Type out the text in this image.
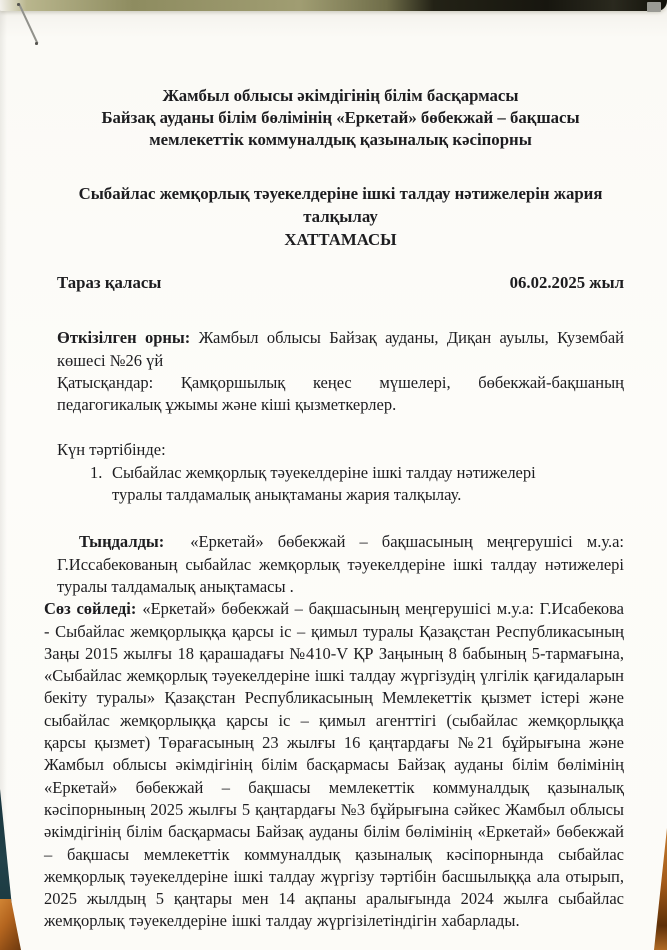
Жамбыл облысы әкімдігінің білім басқармасы
Байзақ ауданы білім бөлімінің «Еркетай» бөбекжай – бақшасы
мемлекеттік коммуналдық қазыналық кәсіпорны
Сыбайлас жемқорлық тәуекелдеріне ішкі талдау нәтижелерін жария талқылау
ХАТТАМАСЫ
Тараз қаласы	06.02.2025 жыл

Өткізілген орны: Жамбыл облысы Байзақ ауданы, Диқан ауылы, Кузембай көшесі №26 үй

Қатысқандар: Қамқоршылық кеңес мүшелері, бөбекжай-бақшаның педагогикалық ұжымы және кіші қызметкерлер.

Күн тәртібінде:
1. Сыбайлас жемқорлық тәуекелдеріне ішкі талдау нәтижелері туралы талдамалық анықтаманы жария талқылау.

Тыңдалды: «Еркетай» бөбекжай – бақшасының меңгерушісі м.у.а: Г.Иссабекованың сыбайлас жемқорлық тәуекелдеріне ішкі талдау нәтижелері туралы талдамалық анықтамасы .

Сөз сөйледі: «Еркетай» бөбекжай – бақшасының меңгерушісі м.у.а: Г.Исабекова - Сыбайлас жемқорлыққа қарсы іс – қимыл туралы Қазақстан Республикасының Заңы 2015 жылғы 18 қарашадағы №410-V ҚР Заңының 8 бабының 5-тармағына, «Сыбайлас жемқорлық тәуекелдеріне ішкі талдау жүргізудің үлгілік қағидаларын бекіту туралы» Қазақстан Республикасының Мемлекеттік қызмет істері және сыбайлас жемқорлыққа қарсы іс – қимыл агенттігі (сыбайлас жемқорлыққа қарсы қызмет) Төрағасының 23 жылғы 16 қаңтардағы №21 бұйрығына және Жамбыл облысы әкімдігінің білім басқармасы Байзақ ауданы білім бөлімінің «Еркетай» бөбекжай – бақшасы мемлекеттік коммуналдық қазыналық кәсіпорнының 2025 жылғы 5 қаңтардағы №3 бұйрығына сәйкес Жамбыл облысы әкімдігінің білім басқармасы Байзақ ауданы білім бөлімінің «Еркетай» бөбекжай – бақшасы мемлекеттік коммуналдық қазыналық кәсіпорнында сыбайлас жемқорлық тәуекелдеріне ішкі талдау жүргізу тәртібін басшылыққа ала отырып, 2025 жылдың 5 қаңтары мен 14 ақпаны аралығында 2024 жылға сыбайлас жемқорлық тәуекелдеріне ішкі талдау жүргізілетіндігін хабарлады.
